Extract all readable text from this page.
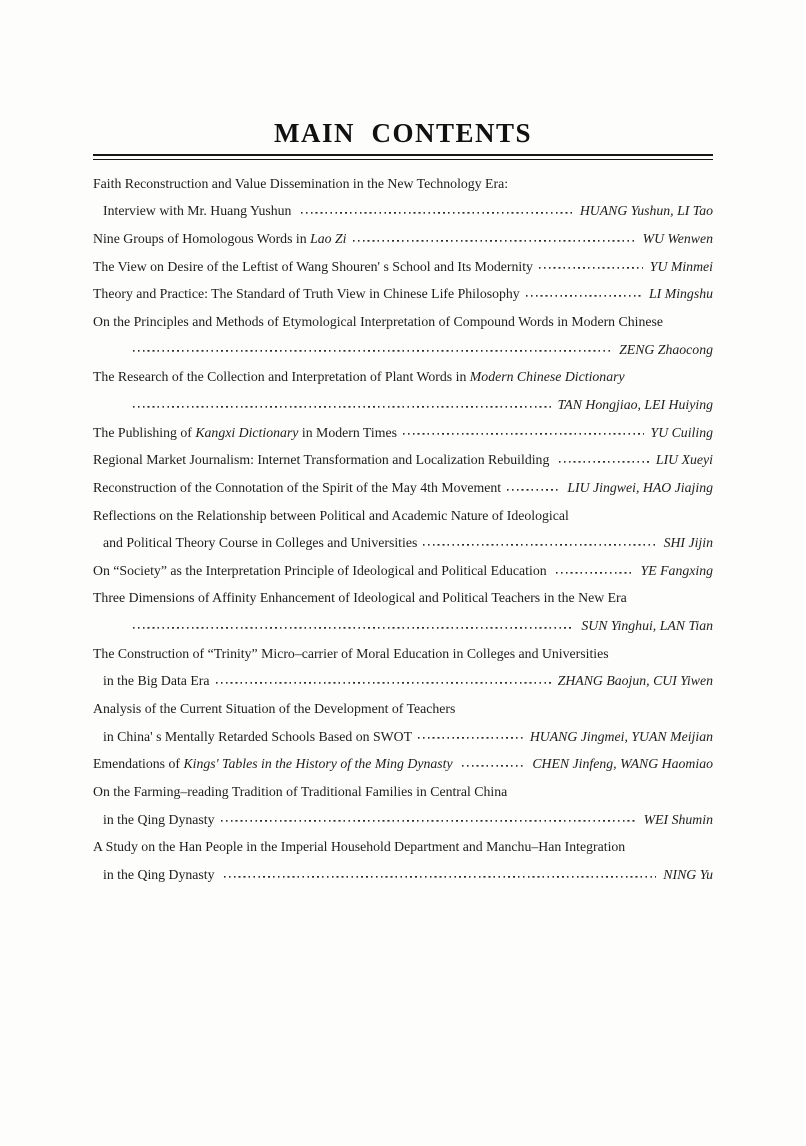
MAIN  CONTENTS
Faith Reconstruction and Value Dissemination in the New Technology Era:
Interview with Mr. Huang Yushun	HUANG Yushun, LI Tao
Nine Groups of Homologous Words in Lao Zi	WU Wenwen
The View on Desire of the Leftist of Wang Shouren' s School and Its Modernity	YU Minmei
Theory and Practice: The Standard of Truth View in Chinese Life Philosophy	LI Mingshu
On the Principles and Methods of Etymological Interpretation of Compound Words in Modern Chinese
ZENG Zhaocong
The Research of the Collection and Interpretation of Plant Words in Modern Chinese Dictionary
TAN Hongjiao, LEI Huiying
The Publishing of Kangxi Dictionary in Modern Times	YU Cuiling
Regional Market Journalism: Internet Transformation and Localization Rebuilding	LIU Xueyi
Reconstruction of the Connotation of the Spirit of the May 4th Movement	LIU Jingwei, HAO Jiajing
Reflections on the Relationship between Political and Academic Nature of Ideological
and Political Theory Course in Colleges and Universities	SHI Jijin
On “Society” as the Interpretation Principle of Ideological and Political Education	YE Fangxing
Three Dimensions of Affinity Enhancement of Ideological and Political Teachers in the New Era
SUN Yinghui, LAN Tian
The Construction of “Trinity” Micro–carrier of Moral Education in Colleges and Universities
in the Big Data Era	ZHANG Baojun, CUI Yiwen
Analysis of the Current Situation of the Development of Teachers
in China' s Mentally Retarded Schools Based on SWOT	HUANG Jingmei, YUAN Meijian
Emendations of Kings' Tables in the History of the Ming Dynasty	CHEN Jinfeng, WANG Haomiao
On the Farming–reading Tradition of Traditional Families in Central China
in the Qing Dynasty	WEI Shumin
A Study on the Han People in the Imperial Household Department and Manchu–Han Integration
in the Qing Dynasty	NING Yu
